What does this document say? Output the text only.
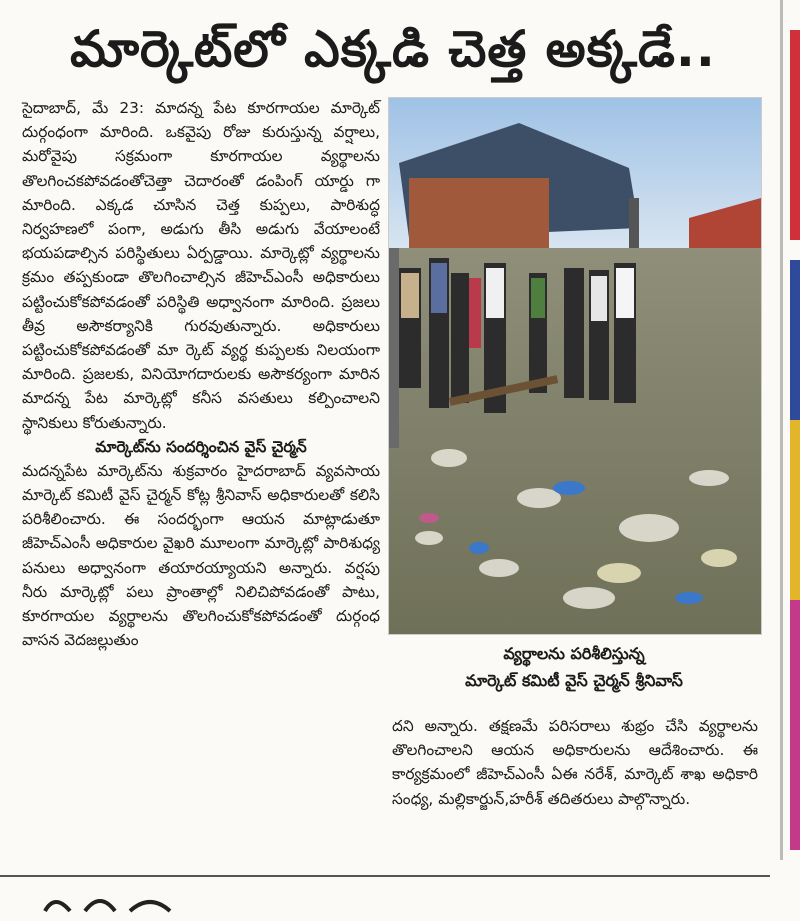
మార్కెట్‌లో ఎక్కడి చెత్త అక్కడే..

సైదాబాద్, మే 23: మాదన్న పేట కూరగాయల మార్కెట్ దుర్గంధంగా మారింది. ఒకవైపు రోజు కురుస్తున్న వర్షాలు, మరోవైపు సక్రమంగా కూరగాయల వ్యర్థాలను తొలగించకపోవడంతోచెత్తా చెదారంతో డంపింగ్ యార్డు గా మారింది. ఎక్కడ చూసిన చెత్త కుప్పలు, పారిశుద్ధ నిర్వహణలో పంగా, అడుగు తీసి అడుగు వేయాలంటే భయపడాల్సిన పరిస్థితులు ఏర్పడ్డాయి. మార్కెట్లో వ్యర్థాలను క్రమం తప్పకుండా తొలగించాల్సిన జీహెచ్ఎంసీ అధికారులు పట్టించుకోకపోవడంతో పరిస్థితి అధ్వానంగా మారింది. ప్రజలు తీవ్ర అసౌకర్యానికి గురవుతున్నారు. అధికారులు పట్టించుకోకపోవడంతో మా ర్కెట్ వ్యర్థ కుప్పలకు నిలయంగా మారింది. ప్రజలకు, వినియోగదారులకు అసౌకర్యంగా మారిన మాదన్న పేట మార్కెట్లో కనీస వసతులు కల్పించాలని స్థానికులు కోరుతున్నారు.

మార్కెట్‌ను సందర్శించిన వైస్ చైర్మన్

మదన్నపేట మార్కెట్‌ను శుక్రవారం హైదరాబాద్ వ్యవసాయ మార్కెట్ కమిటీ వైస్ చైర్మన్ కోట్ల శ్రీనివాస్ అధికారులతో కలిసి పరిశీలించారు. ఈ సందర్భంగా ఆయన మాట్లాడుతూ జీహెచ్ఎంసీ అధికారుల వైఖరి మూలంగా మార్కెట్లో పారిశుధ్య పనులు అధ్వానంగా తయారయ్యాయని అన్నారు. వర్షపు నీరు మార్కెట్లో పలు ప్రాంతాల్లో నిలిచిపోవడంతో పాటు, కూరగాయల వ్యర్థాలను తొలగించుకోకపోవడంతో దుర్గంధ వాసన వెదజల్లుతుం

వ్యర్థాలను పరిశీలిస్తున్న
మార్కెట్ కమిటీ వైస్ చైర్మన్ శ్రీనివాస్

దని అన్నారు. తక్షణమే పరిసరాలు శుభ్రం చేసి వ్యర్థాలను తొలగించాలని ఆయన అధికారులను ఆదేశించారు. ఈ కార్యక్రమంలో జీహెచ్ఎంసీ ఏఈ నరేశ్, మార్కెట్ శాఖ అధికారి సంధ్య, మల్లికార్జున్,హరీశ్ తదితరులు పాల్గొన్నారు.
